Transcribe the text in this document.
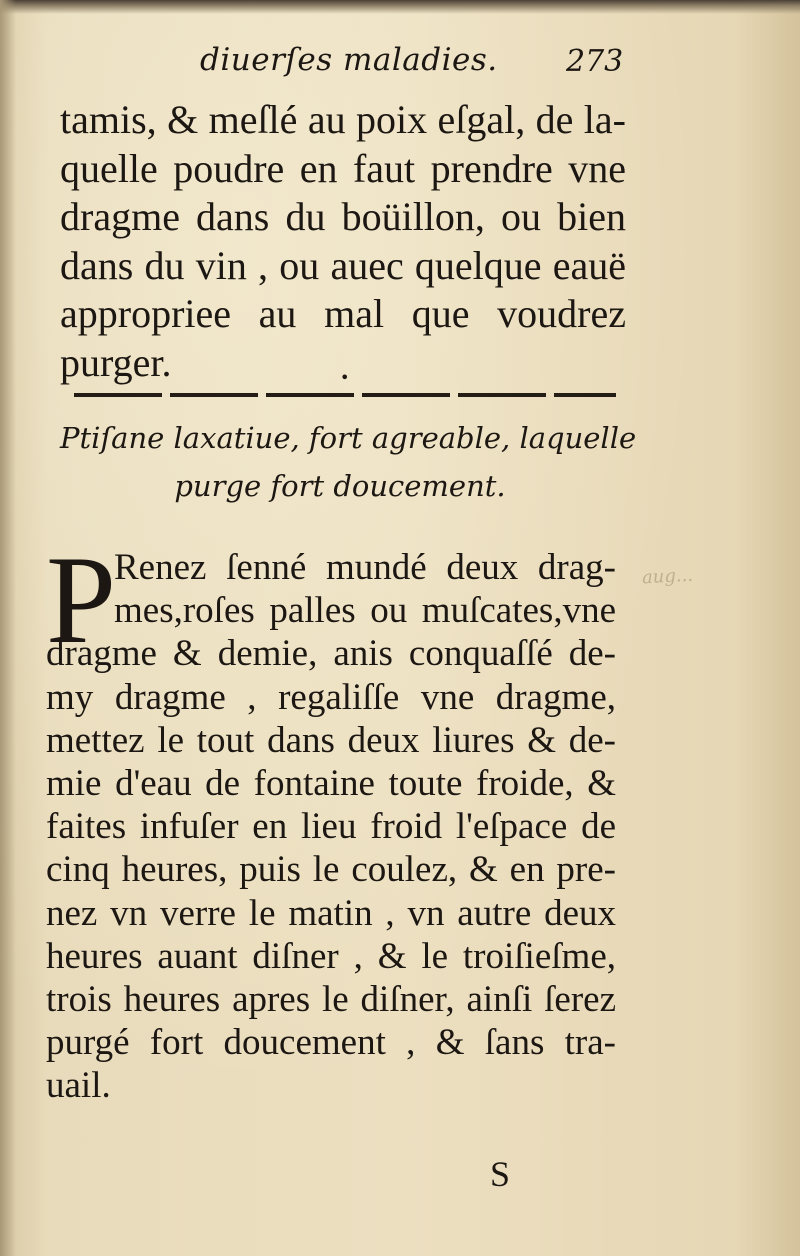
diuerſes maladies. 273

tamis, & meſlé au poix eſgal, de la-
quelle poudre en faut prendre vne
dragme dans du boüillon, ou bien
dans du vin , ou auec quelque eauë
appropriee au mal que voudrez
purger.	•
Ptiſane laxatiue, fort agreable, laquelle
purge fort doucement.
P

Renez ſenné mundé deux drag-
mes,roſes palles ou muſcates,vne
dragme & demie, anis conquaſſé de-
my dragme , regaliſſe vne dragme,
mettez le tout dans deux liures & de-
mie d'eau de fontaine toute froide, &
faites infuſer en lieu froid l'eſpace de
cinq heures, puis le coulez, & en pre-
nez vn verre le matin , vn autre deux
heures auant diſner , & le troiſieſme,
trois heures apres le diſner, ainſi ſerez
purgé fort doucement , & ſans tra-
uail.

aug...
S
